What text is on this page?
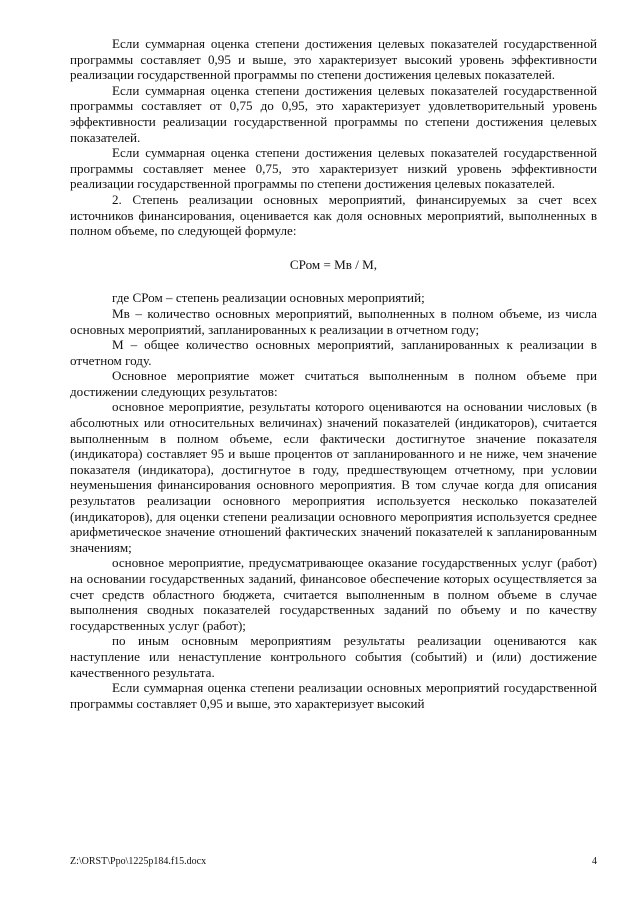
Если суммарная оценка степени достижения целевых показателей государственной программы составляет 0,95 и выше, это характеризует высокий уровень эффективности реализации государственной программы по степени достижения целевых показателей.

Если суммарная оценка степени достижения целевых показателей государственной программы составляет от 0,75 до 0,95, это характеризует удовлетворительный уровень эффективности реализации государственной программы по степени достижения целевых показателей.

Если суммарная оценка степени достижения целевых показателей государственной программы составляет менее 0,75, это характеризует низкий уровень эффективности реализации государственной программы по степени достижения целевых показателей.

2. Степень реализации основных мероприятий, финансируемых за счет всех источников финансирования, оценивается как доля основных мероприятий, выполненных в полном объеме, по следующей формуле:

СРом = Мв / М,

где СРом – степень реализации основных мероприятий;

Мв – количество основных мероприятий, выполненных в полном объеме, из числа основных мероприятий, запланированных к реализации в отчетном году;

М – общее количество основных мероприятий, запланированных к реализации в отчетном году.

Основное мероприятие может считаться выполненным в полном объеме при достижении следующих результатов:

основное мероприятие, результаты которого оцениваются на основании числовых (в абсолютных или относительных величинах) значений показателей (индикаторов), считается выполненным в полном объеме, если фактически достигнутое значение показателя (индикатора) составляет 95 и выше процентов от запланированного и не ниже, чем значение показателя (индикатора), достигнутое в году, предшествующем отчетному, при условии неуменьшения финансирования основного мероприятия. В том случае когда для описания результатов реализации основного мероприятия используется несколько показателей (индикаторов), для оценки степени реализации основного мероприятия используется среднее арифметическое значение отношений фактических значений показателей к запланированным значениям;

основное мероприятие, предусматривающее оказание государственных услуг (работ) на основании государственных заданий, финансовое обеспечение которых осуществляется за счет средств областного бюджета, считается выполненным в полном объеме в случае выполнения сводных показателей государственных заданий по объему и по качеству государственных услуг (работ);

по иным основным мероприятиям результаты реализации оцениваются как наступление или ненаступление контрольного события (событий) и (или) достижение качественного результата.

Если суммарная оценка степени реализации основных мероприятий государственной программы составляет 0,95 и выше, это характеризует высокий

Z:\ORST\Ppo\1225p184.f15.docx	4
